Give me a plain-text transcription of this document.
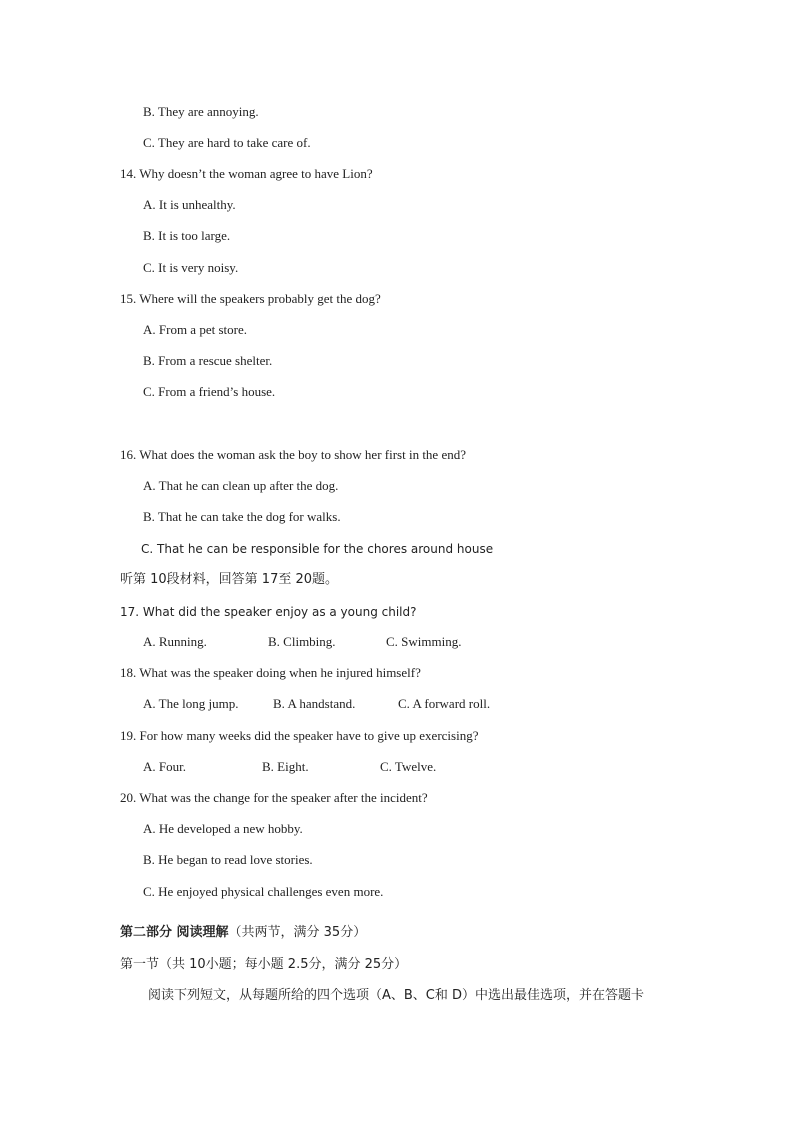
B. They are annoying.
C. They are hard to take care of.
14. Why doesn’t the woman agree to have Lion?
A. It is unhealthy.
B. It is too large.
C. It is very noisy.
15. Where will the speakers probably get the dog?
A. From a pet store.
B. From a rescue shelter.
C. From a friend’s house.
16. What does the woman ask the boy to show her first in the end?
A. That he can clean up after the dog.
B. That he can take the dog for walks.
C. That he can be responsible for the chores around house
听第 10段材料，回答第 17至 20题。
17. What did the speaker enjoy as a young child?
A. Running.	B. Climbing.	C. Swimming.
18. What was the speaker doing when he injured himself?
A. The long jump.	B. A handstand.	C. A forward roll.
19. For how many weeks did the speaker have to give up exercising?
A. Four.	B. Eight.	C. Twelve.
20. What was the change for the speaker after the incident?
A. He developed a new hobby.
B. He began to read love stories.
C. He enjoyed physical challenges even more.
第二部分 阅读理解（共两节，满分 35分）
第一节（共 10小题；每小题 2.5分，满分 25分）
阅读下列短文，从每题所给的四个选项（A、B、C和 D）中选出最佳选项，并在答题卡
